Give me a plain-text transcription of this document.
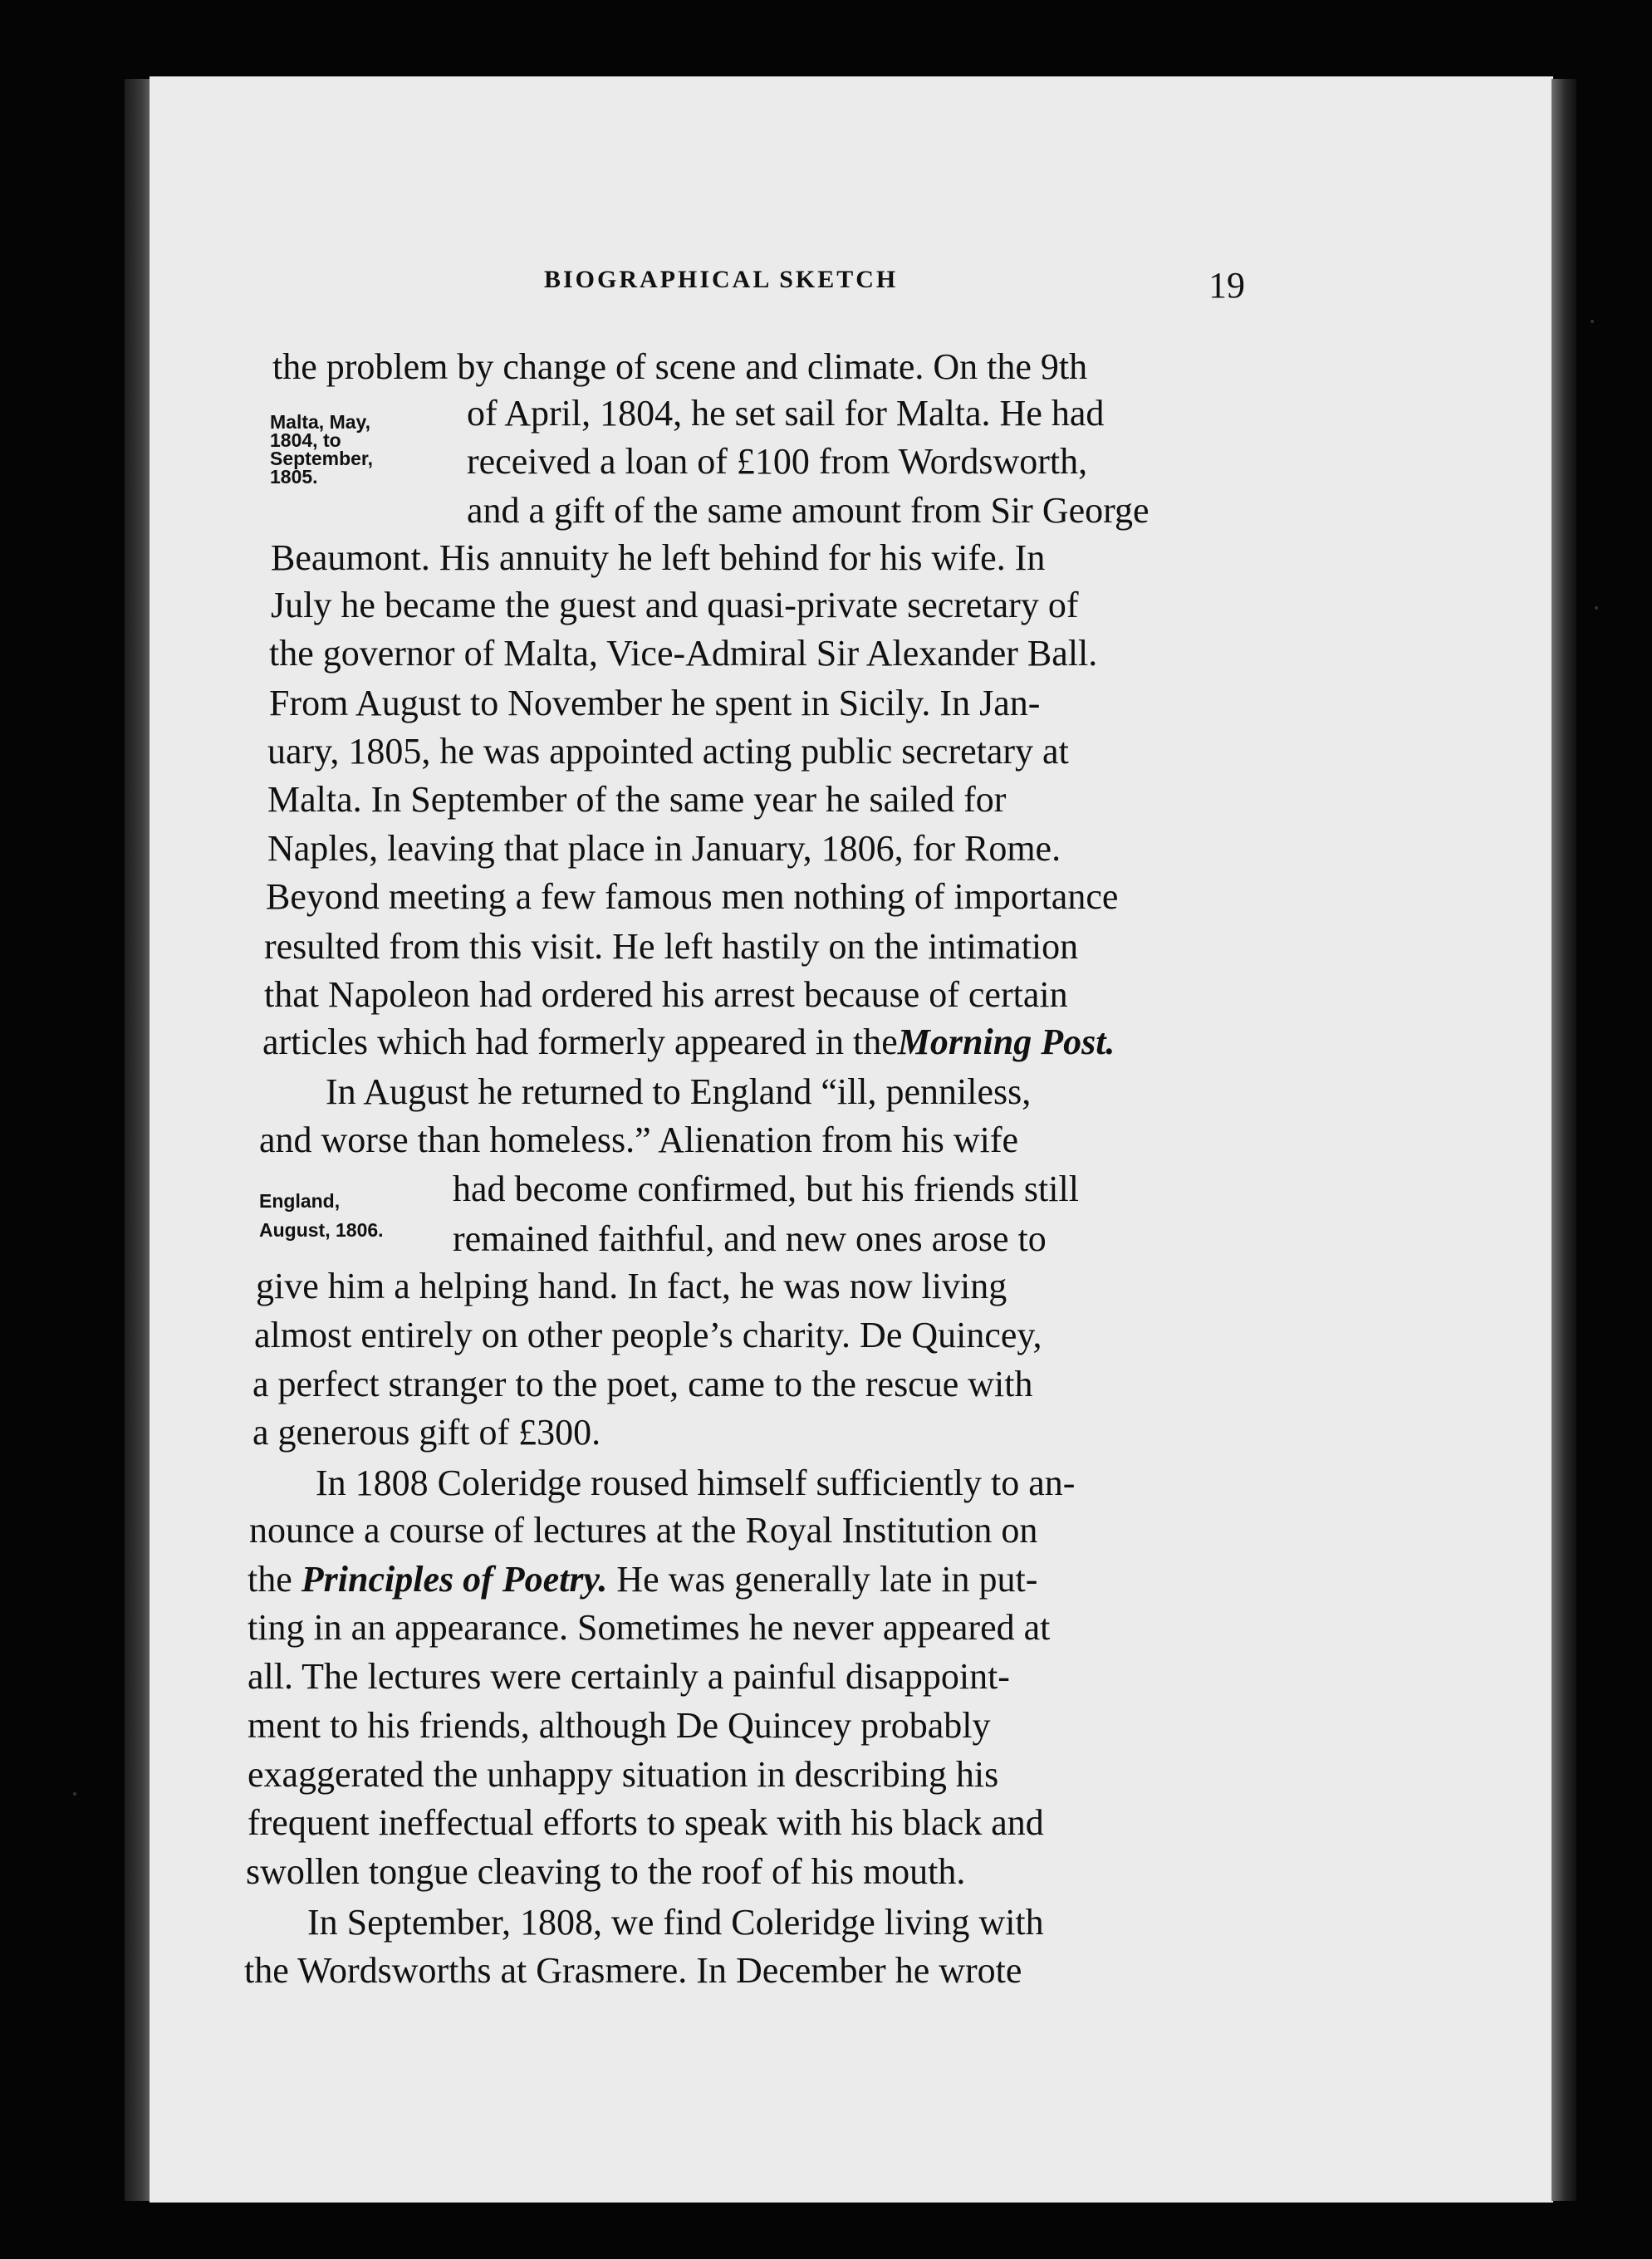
BIOGRAPHICAL SKETCH	19
Malta, May,
1804, to
September,
1805.
England,
August, 1806.
the problem by change of scene and climate. On the 9th
of April, 1804, he set sail for Malta. He had
received a loan of £100 from Wordsworth,
and a gift of the same amount from Sir George
Beaumont. His annuity he left behind for his wife. In
July he became the guest and quasi-private secretary of
the governor of Malta, Vice-Admiral Sir Alexander Ball.
From August to November he spent in Sicily. In Jan-
uary, 1805, he was appointed acting public secretary at
Malta. In September of the same year he sailed for
Naples, leaving that place in January, 1806, for Rome.
Beyond meeting a few famous men nothing of importance
resulted from this visit. He left hastily on the intimation
that Napoleon had ordered his arrest because of certain
articles which had formerly appeared in theMorning Post.
In August he returned to England “ill, penniless,
and worse than homeless.” Alienation from his wife
had become confirmed, but his friends still
remained faithful, and new ones arose to
give him a helping hand. In fact, he was now living
almost entirely on other people’s charity. De Quincey,
a perfect stranger to the poet, came to the rescue with
a generous gift of £300.
In 1808 Coleridge roused himself sufficiently to an-
nounce a course of lectures at the Royal Institution on
the Principles of Poetry. He was generally late in put-
ting in an appearance. Sometimes he never appeared at
all. The lectures were certainly a painful disappoint-
ment to his friends, although De Quincey probably
exaggerated the unhappy situation in describing his
frequent ineffectual efforts to speak with his black and
swollen tongue cleaving to the roof of his mouth.
In September, 1808, we find Coleridge living with
the Wordsworths at Grasmere. In December he wrote
